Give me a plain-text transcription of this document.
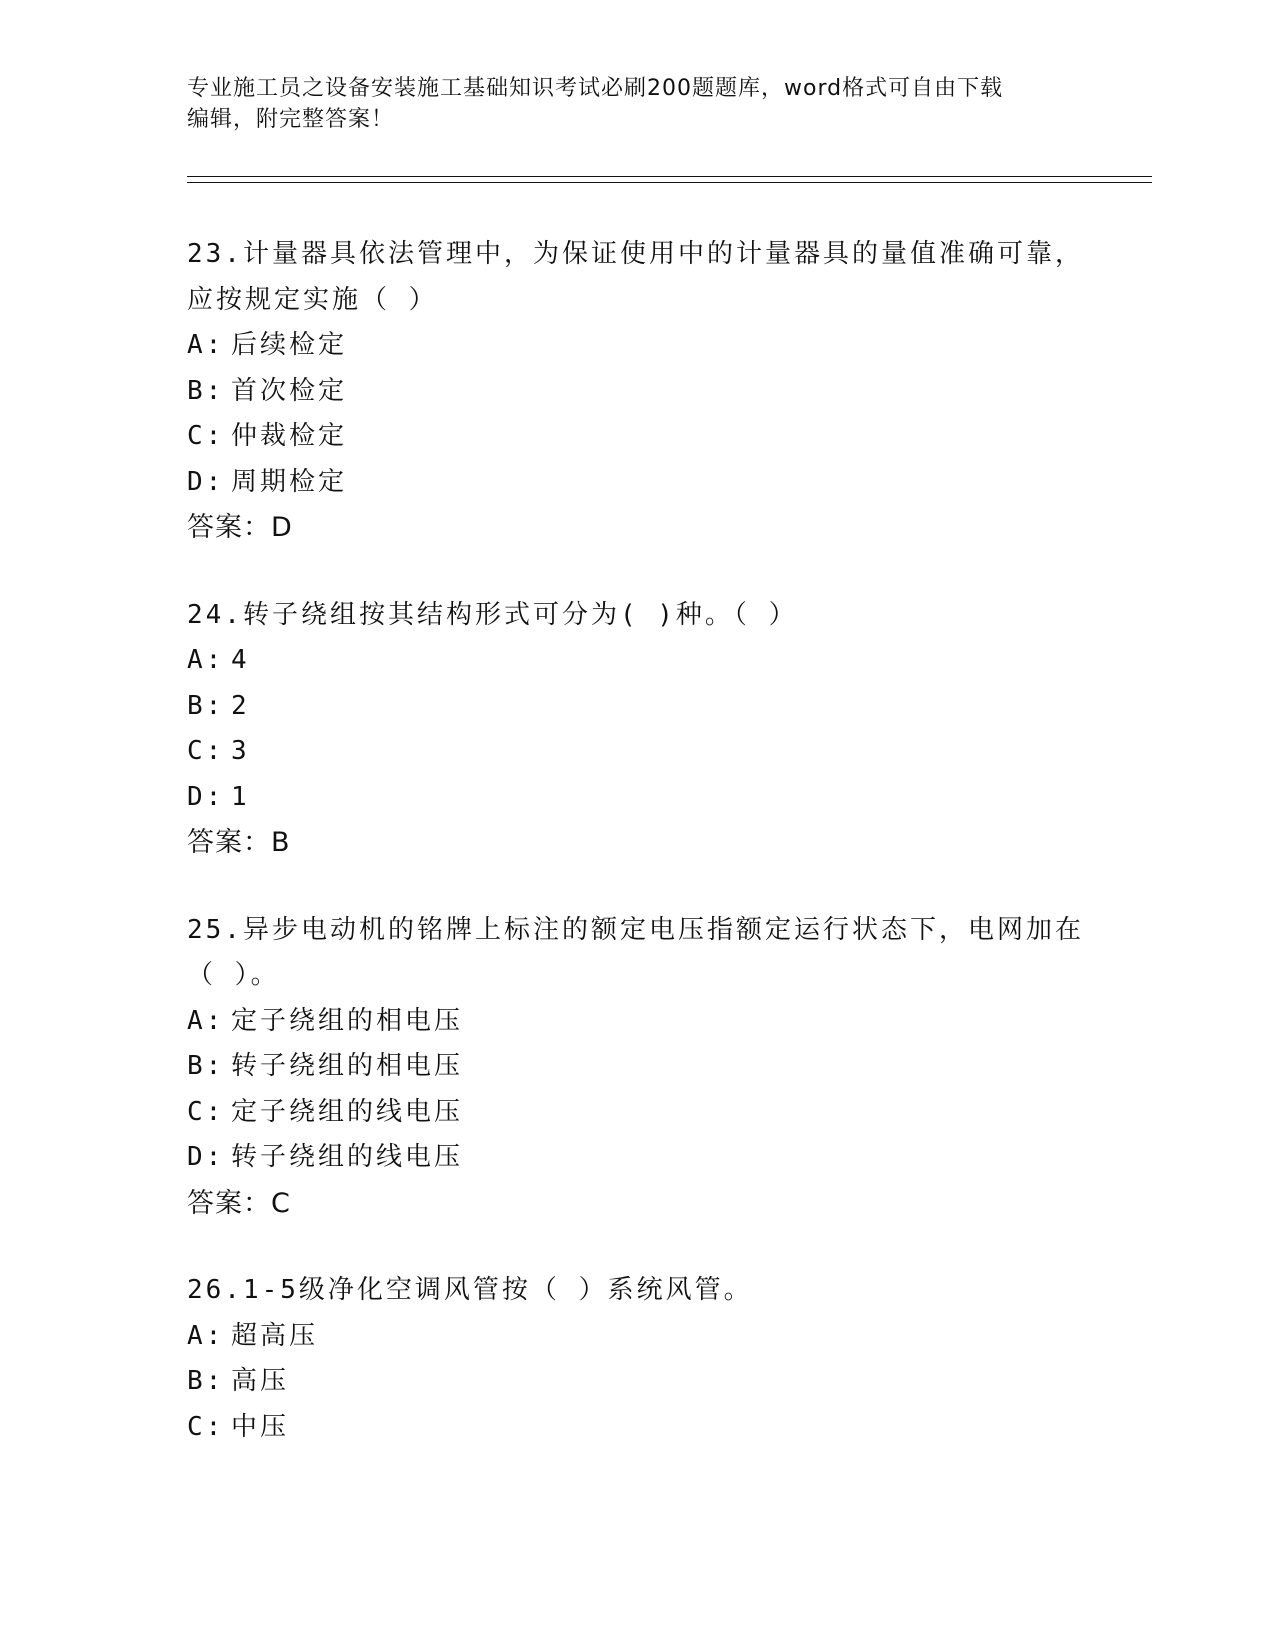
专业施工员之设备安装施工基础知识考试必刷200题题库，word格式可自由下载
编辑，附完整答案！
23.计量器具依法管理中，为保证使用中的计量器具的量值准确可靠，
应按规定实施（ ）
A: 后续检定
B: 首次检定
C: 仲裁检定
D: 周期检定
答案：D
24.转子绕组按其结构形式可分为( )种。（ ）
A: 4
B: 2
C: 3
D: 1
答案：B
25.异步电动机的铭牌上标注的额定电压指额定运行状态下，电网加在
（ ）。
A: 定子绕组的相电压
B: 转子绕组的相电压
C: 定子绕组的线电压
D: 转子绕组的线电压
答案：C
26.1-5级净化空调风管按（ ）系统风管。
A: 超高压
B: 高压
C: 中压
